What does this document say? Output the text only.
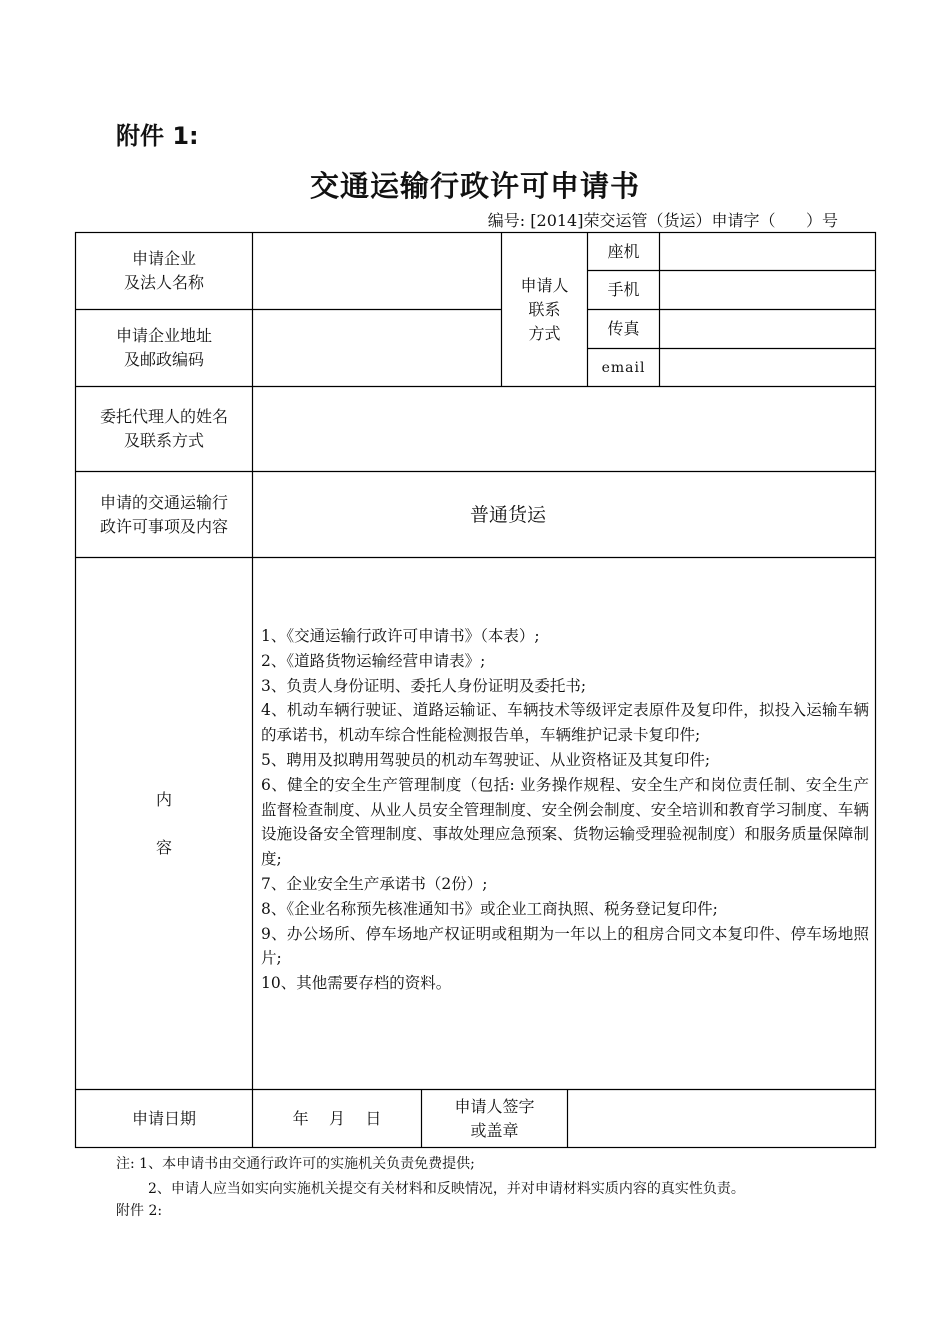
附件 1:
交通运输行政许可申请书
编号: [2014]荣交运管（货运）申请字（      ）号
申请企业
及法人名称
申请企业地址
及邮政编码
申请人
联系
方式
座机
手机
传真
email
委托代理人的姓名
及联系方式
申请的交通运输行
政许可事项及内容
普通货运
内

容
1、《交通运输行政许可申请书》（本表）;
2、《道路货物运输经营申请表》;
3、负责人身份证明、委托人身份证明及委托书;
4、机动车辆行驶证、道路运输证、车辆技术等级评定表原件及复印件，拟投入运输车辆的承诺书，机动车综合性能检测报告单，车辆维护记录卡复印件;
5、聘用及拟聘用驾驶员的机动车驾驶证、从业资格证及其复印件;
6、健全的安全生产管理制度（包括: 业务操作规程、安全生产和岗位责任制、安全生产监督检查制度、从业人员安全管理制度、安全例会制度、安全培训和教育学习制度、车辆设施设备安全管理制度、事故处理应急预案、货物运输受理验视制度）和服务质量保障制度;
7、企业安全生产承诺书（2份）;
8、《企业名称预先核准通知书》或企业工商执照、税务登记复印件;
9、办公场所、停车场地产权证明或租期为一年以上的租房合同文本复印件、停车场地照片;
10、其他需要存档的资料。
申请日期	年    月    日
申请人签字
或盖章
注: 1、本申请书由交通行政许可的实施机关负责免费提供;
2、申请人应当如实向实施机关提交有关材料和反映情况，并对申请材料实质内容的真实性负责。
附件 2:
